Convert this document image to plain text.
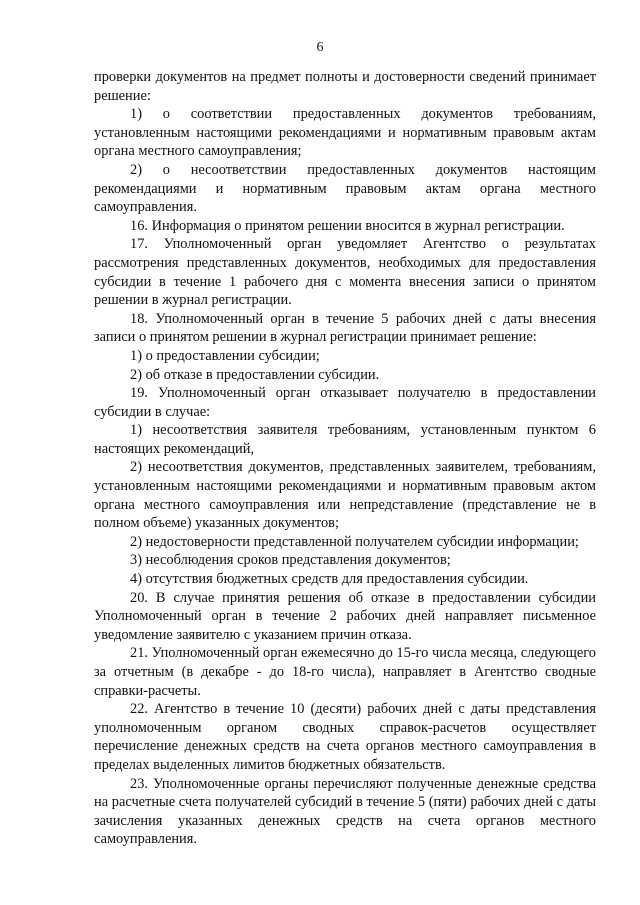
6

проверки документов на предмет полноты и достоверности сведений принимает решение:

1) о соответствии предоставленных документов требованиям, установленным настоящими рекомендациями и нормативным правовым актам органа местного самоуправления;

2) о несоответствии предоставленных документов настоящим рекомендациями и нормативным правовым актам органа местного самоуправления.

16. Информация о принятом решении вносится в журнал регистрации.

17. Уполномоченный орган уведомляет Агентство о результатах рассмотрения представленных документов, необходимых для предоставления субсидии в течение 1 рабочего дня с момента внесения записи о принятом решении в журнал регистрации.

18. Уполномоченный орган в течение 5 рабочих дней с даты внесения записи о принятом решении в журнал регистрации принимает решение:

1) о предоставлении субсидии;

2) об отказе в предоставлении субсидии.

19. Уполномоченный орган отказывает получателю в предоставлении субсидии в случае:

1) несоответствия заявителя требованиям, установленным пунктом 6 настоящих рекомендаций,

2) несоответствия документов, представленных заявителем, требованиям, установленным настоящими рекомендациями и нормативным правовым актом органа местного самоуправления или непредставление (представление не в полном объеме) указанных документов;

2) недостоверности представленной получателем субсидии информации;

3) несоблюдения сроков представления документов;

4) отсутствия бюджетных средств для предоставления субсидии.

20. В случае принятия решения об отказе в предоставлении субсидии Уполномоченный орган в течение 2 рабочих дней направляет письменное уведомление заявителю с указанием причин отказа.

21. Уполномоченный орган ежемесячно до 15-го числа месяца, следующего за отчетным (в декабре - до 18-го числа), направляет в Агентство сводные справки-расчеты.

22. Агентство в течение 10 (десяти) рабочих дней с даты представления уполномоченным органом сводных справок-расчетов осуществляет перечисление денежных средств на счета органов местного самоуправления в пределах выделенных лимитов бюджетных обязательств.

23. Уполномоченные органы перечисляют полученные денежные средства на расчетные счета получателей субсидий в течение 5 (пяти) рабочих дней с даты зачисления указанных денежных средств на счета органов местного самоуправления.
